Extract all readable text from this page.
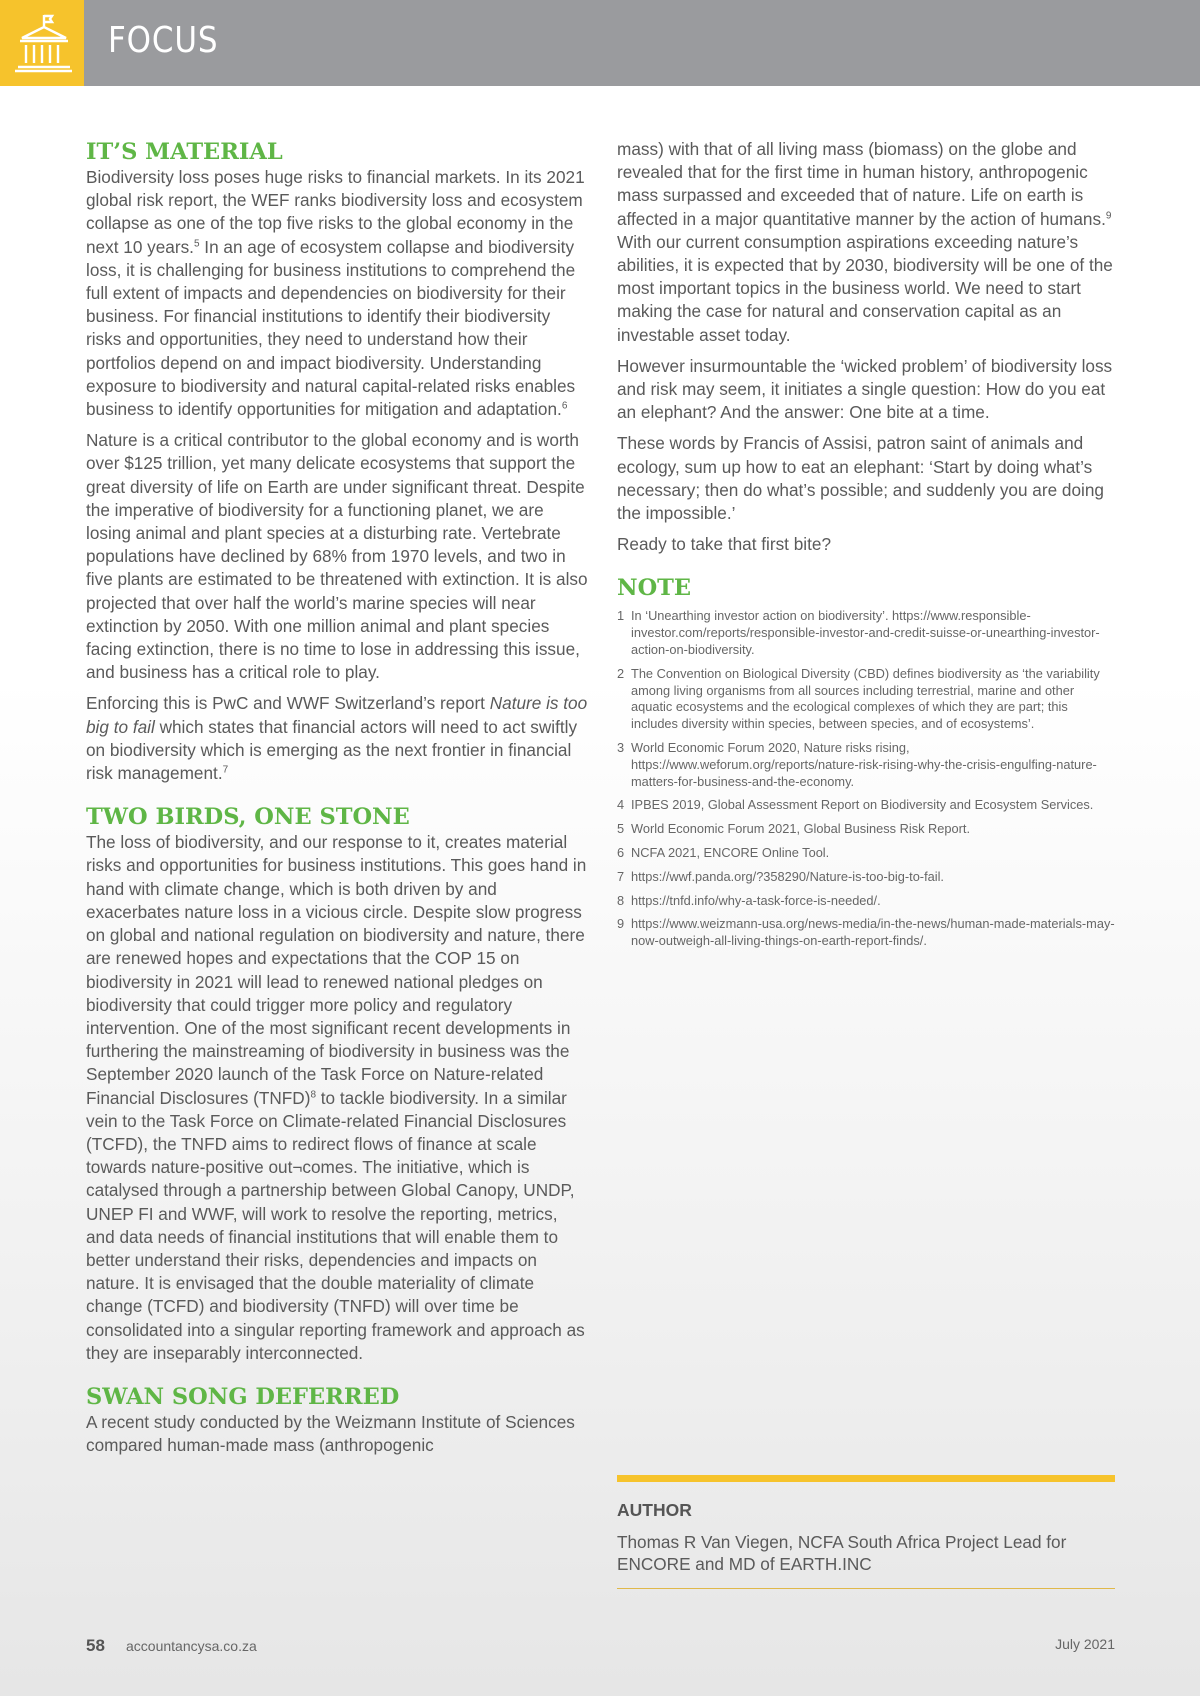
FOCUS
IT’S MATERIAL

Biodiversity loss poses huge risks to financial markets. In its 2021 global risk report, the WEF ranks biodiversity loss and ecosystem collapse as one of the top five risks to the global economy in the next 10 years.$^5$ In an age of ecosystem collapse and biodiversity loss, it is challenging for business institutions to comprehend the full extent of impacts and dependencies on biodiversity for their business. For financial institutions to identify their biodiversity risks and opportunities, they need to understand how their portfolios depend on and impact biodiversity. Understanding exposure to biodiversity and natural capital-related risks enables business to identify opportunities for mitigation and adaptation.$^6$

Nature is a critical contributor to the global economy and is worth over $125 trillion, yet many delicate ecosystems that support the great diversity of life on Earth are under significant threat. Despite the imperative of biodiversity for a functioning planet, we are losing animal and plant species at a disturbing rate. Vertebrate populations have declined by 68% from 1970 levels, and two in five plants are estimated to be threatened with extinction. It is also projected that over half the world’s marine species will near extinction by 2050. With one million animal and plant species facing extinction, there is no time to lose in addressing this issue, and business has a critical role to play.

Enforcing this is PwC and WWF Switzerland’s report Nature is too big to fail which states that financial actors will need to act swiftly on biodiversity which is emerging as the next frontier in financial risk management.$^7$

TWO BIRDS, ONE STONE

The loss of biodiversity, and our response to it, creates material risks and opportunities for business institutions. This goes hand in hand with climate change, which is both driven by and exacerbates nature loss in a vicious circle. Despite slow progress on global and national regulation on biodiversity and nature, there are renewed hopes and expectations that the COP 15 on biodiversity in 2021 will lead to renewed national pledges on biodiversity that could trigger more policy and regulatory intervention. One of the most significant recent developments in furthering the mainstreaming of biodiversity in business was the September 2020 launch of the Task Force on Nature-related Financial Disclosures (TNFD)$^8$ to tackle biodiversity. In a similar vein to the Task Force on Climate-related Financial Disclosures (TCFD), the TNFD aims to redirect flows of finance at scale towards nature-positive out¬comes. The initiative, which is catalysed through a partnership between Global Canopy, UNDP, UNEP FI and WWF, will work to resolve the reporting, metrics, and data needs of financial institutions that will enable them to better understand their risks, dependencies and impacts on nature. It is envisaged that the double materiality of climate change (TCFD) and biodiversity (TNFD) will over time be consolidated into a singular reporting framework and approach as they are inseparably interconnected.

SWAN SONG DEFERRED

A recent study conducted by the Weizmann Institute of Sciences compared human-made mass (anthropogenic

mass) with that of all living mass (biomass) on the globe and revealed that for the first time in human history, anthropogenic mass surpassed and exceeded that of nature. Life on earth is affected in a major quantitative manner by the action of humans.$^9$ With our current consumption aspirations exceeding nature’s abilities, it is expected that by 2030, biodiversity will be one of the most important topics in the business world. We need to start making the case for natural and conservation capital as an investable asset today.

However insurmountable the ‘wicked problem’ of biodiversity loss and risk may seem, it initiates a single question: How do you eat an elephant? And the answer: One bite at a time.

These words by Francis of Assisi, patron saint of animals and ecology, sum up how to eat an elephant: ‘Start by doing what’s necessary; then do what’s possible; and suddenly you are doing the impossible.’

Ready to take that first bite?

NOTE
1 In ‘Unearthing investor action on biodiversity’. https://www.responsible-investor.com/reports/responsible-investor-and-credit-suisse-or-unearthing-investor-action-on-biodiversity.
2 The Convention on Biological Diversity (CBD) defines biodiversity as ‘the variability among living organisms from all sources including terrestrial, marine and other aquatic ecosystems and the ecological complexes of which they are part; this includes diversity within species, between species, and of ecosystems’.
3 World Economic Forum 2020, Nature risks rising, https://www.weforum.org/reports/nature-risk-rising-why-the-crisis-engulfing-nature-matters-for-business-and-the-economy.
4 IPBES 2019, Global Assessment Report on Biodiversity and Ecosystem Services.
5 World Economic Forum 2021, Global Business Risk Report.
6 NCFA 2021, ENCORE Online Tool.
7 https://wwf.panda.org/?358290/Nature-is-too-big-to-fail.
8 https://tnfd.info/why-a-task-force-is-needed/.
9 https://www.weizmann-usa.org/news-media/in-the-news/human-made-materials-may-now-outweigh-all-living-things-on-earth-report-finds/.
AUTHOR
Thomas R Van Viegen, NCFA South Africa Project Lead for ENCORE and MD of EARTH.INC
58 accountancysa.co.za	July 2021
